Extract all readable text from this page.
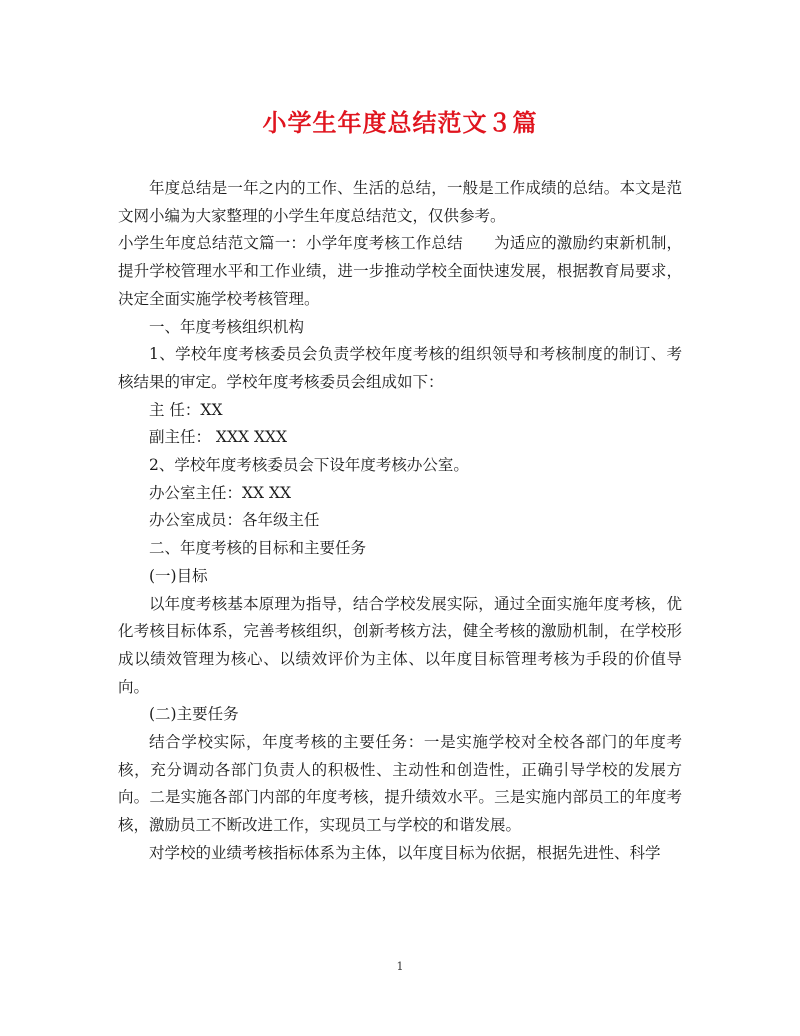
小学生年度总结范文３篇

年度总结是一年之内的工作、生活的总结，一般是工作成绩的总结。本文是范文网小编为大家整理的小学生年度总结范文，仅供参考。

小学生年度总结范文篇一：小学年度考核工作总结　　为适应的激励约束新机制，提升学校管理水平和工作业绩，进一步推动学校全面快速发展，根据教育局要求，决定全面实施学校考核管理。

一、年度考核组织机构

1、学校年度考核委员会负责学校年度考核的组织领导和考核制度的制订、考核结果的审定。学校年度考核委员会组成如下：

主 任：XX

副主任： XXX XXX

2、学校年度考核委员会下设年度考核办公室。

办公室主任：XX XX

办公室成员：各年级主任

二、年度考核的目标和主要任务

(一)目标

以年度考核基本原理为指导，结合学校发展实际，通过全面实施年度考核，优化考核目标体系，完善考核组织，创新考核方法，健全考核的激励机制，在学校形成以绩效管理为核心、以绩效评价为主体、以年度目标管理考核为手段的价值导向。

(二)主要任务

结合学校实际，年度考核的主要任务：一是实施学校对全校各部门的年度考核，充分调动各部门负责人的积极性、主动性和创造性，正确引导学校的发展方向。二是实施各部门内部的年度考核，提升绩效水平。三是实施内部员工的年度考核，激励员工不断改进工作，实现员工与学校的和谐发展。

对学校的业绩考核指标体系为主体，以年度目标为依据，根据先进性、科学

1
